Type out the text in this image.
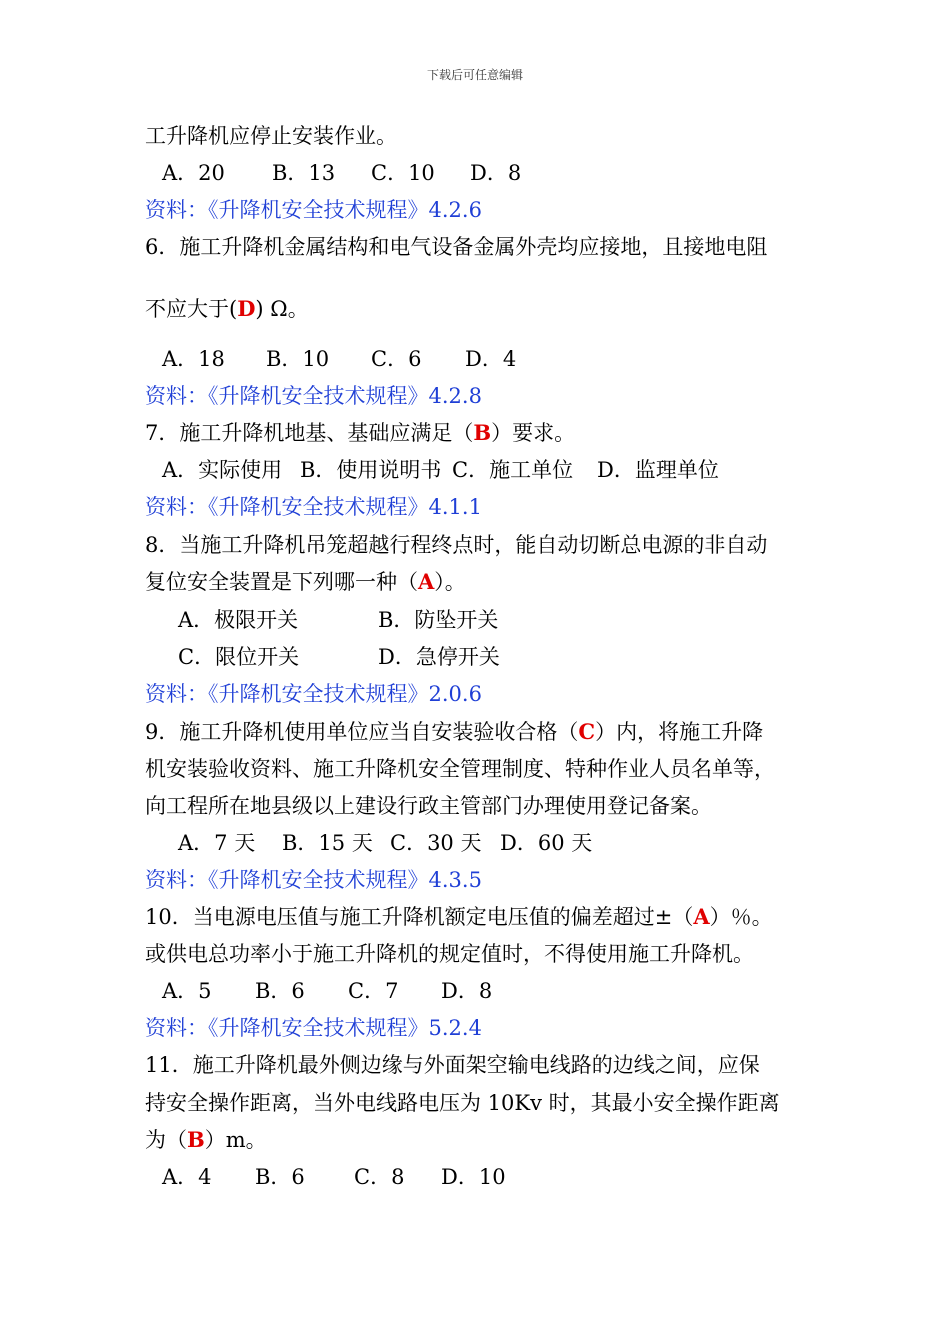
下载后可任意编辑
工升降机应停止安装作业。
A．20 B．13 C．10 D．8
资料：《升降机安全技术规程》4.2.6
6．施工升降机金属结构和电气设备金属外壳均应接地，且接地电阻
不应大于(D) Ω。
A．18 B．10 C．6 D．4
资料：《升降机安全技术规程》4.2.8
7．施工升降机地基、基础应满足（B）要求。
A．实际使用 B．使用说明书 C．施工单位 D．监理单位
资料：《升降机安全技术规程》4.1.1
8．当施工升降机吊笼超越行程终点时，能自动切断总电源的非自动
复位安全装置是下列哪一种（A）。
A．极限开关	B．防坠开关
C．限位开关	D．急停开关
资料：《升降机安全技术规程》2.0.6
9．施工升降机使用单位应当自安装验收合格（C）内，将施工升降
机安装验收资料、施工升降机安全管理制度、特种作业人员名单等，
向工程所在地县级以上建设行政主管部门办理使用登记备案。
A．7 天 B．15 天 C．30 天 D．60 天
资料：《升降机安全技术规程》4.3.5
10．当电源电压值与施工升降机额定电压值的偏差超过±（A）％。
或供电总功率小于施工升降机的规定值时，不得使用施工升降机。
A．5 B．6 C．7 D．8
资料：《升降机安全技术规程》5.2.4
11．施工升降机最外侧边缘与外面架空输电线路的边线之间，应保
持安全操作距离，当外电线路电压为 10Kv 时，其最小安全操作距离
为（B）m。
A．4 B．6 C．8 D．10
